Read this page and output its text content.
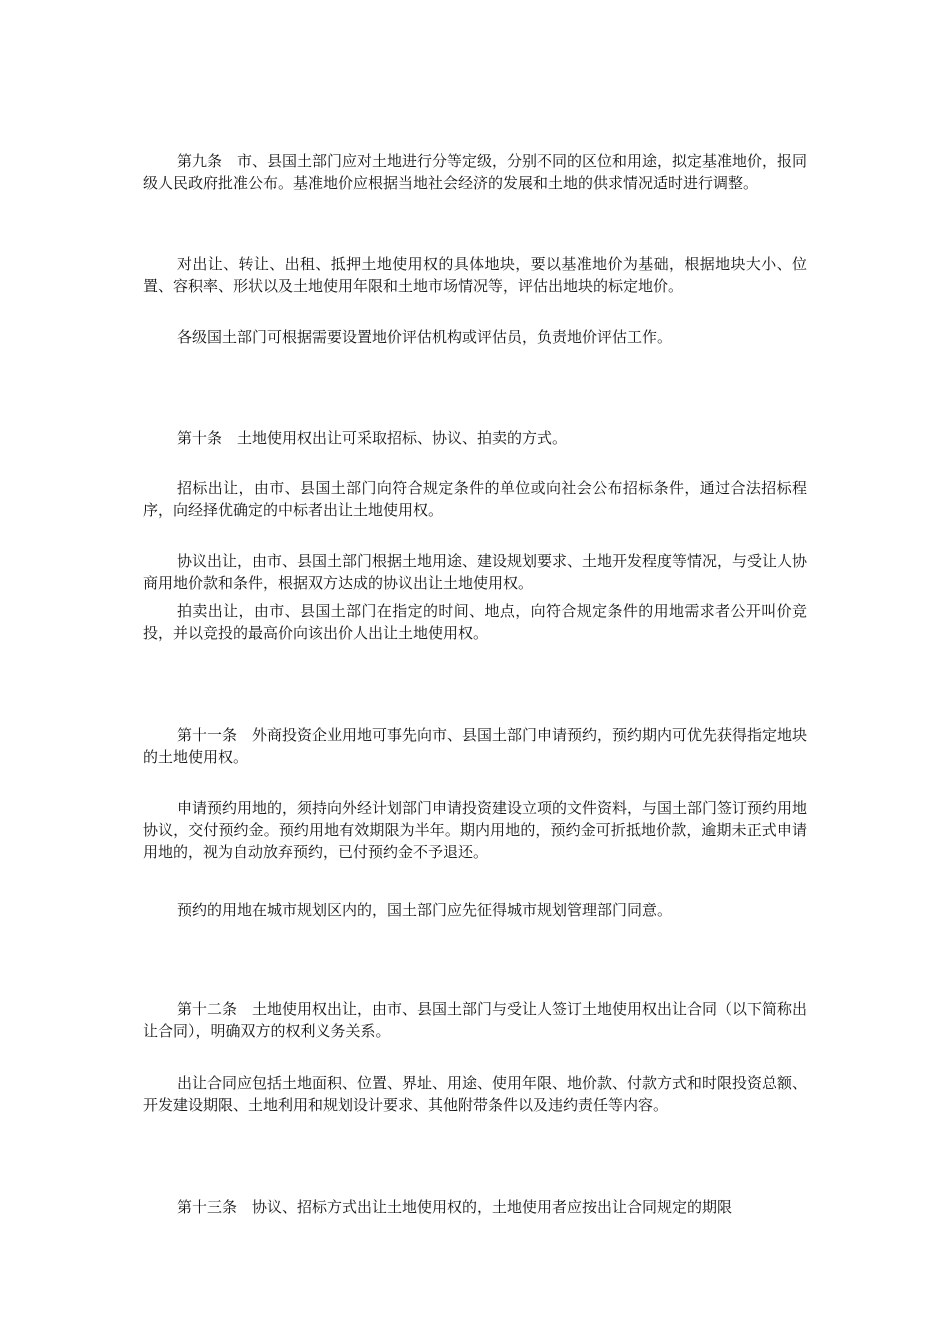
第九条　市、县国土部门应对土地进行分等定级，分别不同的区位和用途，拟定基准地价，报同级人民政府批准公布。基准地价应根据当地社会经济的发展和土地的供求情况适时进行调整。

对出让、转让、出租、抵押土地使用权的具体地块，要以基准地价为基础，根据地块大小、位置、容积率、形状以及土地使用年限和土地市场情况等，评估出地块的标定地价。

各级国土部门可根据需要设置地价评估机构或评估员，负责地价评估工作。

第十条　土地使用权出让可采取招标、协议、拍卖的方式。

招标出让，由市、县国土部门向符合规定条件的单位或向社会公布招标条件，通过合法招标程序，向经择优确定的中标者出让土地使用权。

协议出让，由市、县国土部门根据土地用途、建设规划要求、土地开发程度等情况，与受让人协商用地价款和条件，根据双方达成的协议出让土地使用权。

拍卖出让，由市、县国土部门在指定的时间、地点，向符合规定条件的用地需求者公开叫价竞投，并以竞投的最高价向该出价人出让土地使用权。

第十一条　外商投资企业用地可事先向市、县国土部门申请预约，预约期内可优先获得指定地块的土地使用权。

申请预约用地的，须持向外经计划部门申请投资建设立项的文件资料，与国土部门签订预约用地协议，交付预约金。预约用地有效期限为半年。期内用地的，预约金可折抵地价款，逾期未正式申请用地的，视为自动放弃预约，已付预约金不予退还。

预约的用地在城市规划区内的，国土部门应先征得城市规划管理部门同意。

第十二条　土地使用权出让，由市、县国土部门与受让人签订土地使用权出让合同（以下简称出让合同），明确双方的权利义务关系。

出让合同应包括土地面积、位置、界址、用途、使用年限、地价款、付款方式和时限投资总额、开发建设期限、土地利用和规划设计要求、其他附带条件以及违约责任等内容。

第十三条　协议、招标方式出让土地使用权的，土地使用者应按出让合同规定的期限
